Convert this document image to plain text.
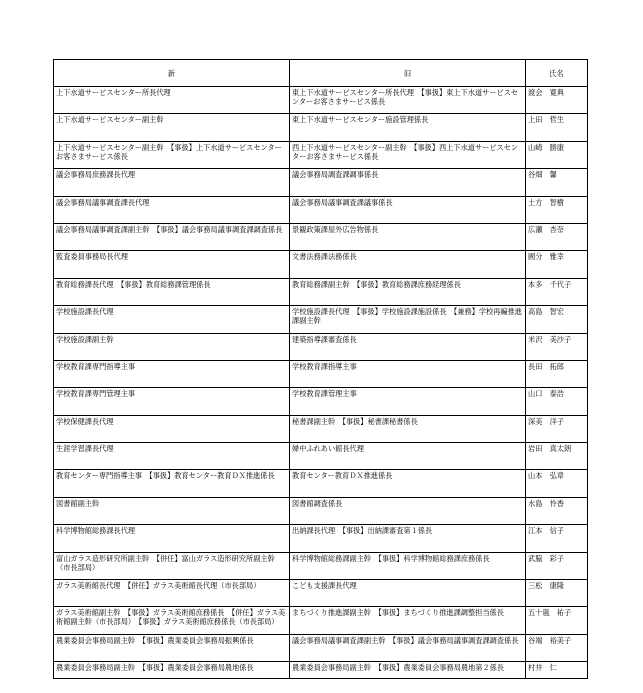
新	旧	氏名
上下水道サービスセンター所長代理	東上下水道サービスセンター所長代理　【事扱】東上下水道サービスセンターお客さまサービス係長	渡会　寛典
上下水道サービスセンター副主幹	東上下水道サービスセンター施設管理係長	上田　哲生
上下水道サービスセンター副主幹　【事扱】上下水道サービスセンターお客さまサービス係長	西上下水道サービスセンター副主幹　【事扱】西上下水道サービスセンターお客さまサービス係長	山崎　勝康
議会事務局庶務課長代理	議会事務局調査課調事係長	谷畑　馨
議会事務局議事調査課長代理	議会事務局議事調査課議事係長	土方　智樹
議会事務局議事調査課副主幹　【事扱】議会事務局議事調査課調査係長	景観政策課屋外広告物係長	広瀬　杏奈
監査委員事務局長代理	文書法務課法務係長	國分　雅幸
教育総務課長代理　【事扱】教育総務課管理係長	教育総務課副主幹　【事扱】教育総務課庶務経理係長	本多　千代子
学校施設課長代理	学校施設課長代理　【事扱】学校施設課施設係長　【兼務】学校再編推進課副主幹	高島　智宏
学校施設課副主幹	建築指導課審査係長	米沢　美沙子
学校教育課専門指導主事	学校教育課指導主事	長田　拓郎
学校教育課専門管理主事	学校教育課管理主事	山口　泰浩
学校保健課長代理	秘書課副主幹　【事扱】秘書課秘書係長	深美　洋子
生涯学習課長代理	婦中ふれあい館長代理	岩田　真太朗
教育センター専門指導主事　【事扱】教育センター教育ＤＸ推進係長	教育センター教育ＤＸ推進係長	山本　弘章
図書館副主幹	図書館調査係長	水島　怜香
科学博物館総務課長代理	出納課長代理　【事扱】出納課審査第１係長	江本　信子
富山ガラス造形研究所副主幹　【併任】富山ガラス造形研究所副主幹（市長部局）	科学博物館総務課副主幹　【事扱】科学博物館総務課庶務係長	武脇　彩子
ガラス美術館長代理　【併任】ガラス美術館長代理（市長部局）	こども支援課長代理	三松　康隆
ガラス美術館副主幹　【事扱】ガラス美術館庶務係長　【併任】ガラス美術館副主幹（市長部局）　【事扱】ガラス美術館庶務係長（市長部局）	まちづくり推進課副主幹　【事扱】まちづくり推進課調整担当係長	五十嵐　祐子
農業委員会事務局副主幹　【事扱】農業委員会事務局振興係長	議会事務局議事調査課副主幹　【事扱】議会事務局議事調査課調査係長	谷端　裕美子
農業委員会事務局副主幹　【事扱】農業委員会事務局農地係長	農業委員会事務局副主幹　【事扱】農業委員会事務局農地第２係長	村井　仁
